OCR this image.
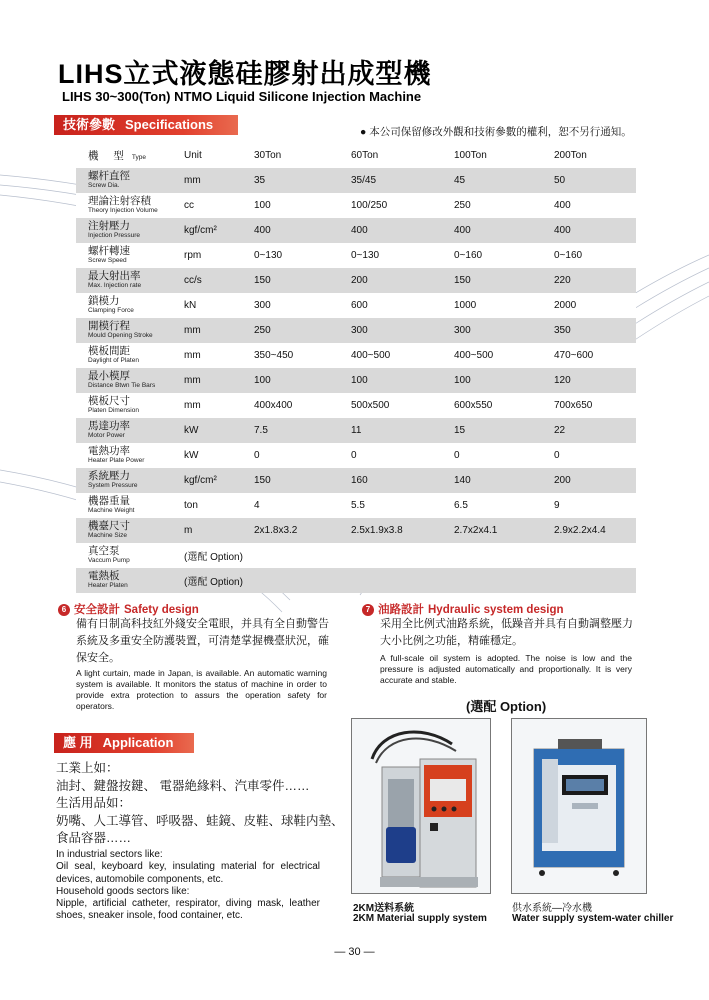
LIHS立式液態硅膠射出成型機
LIHS 30~300(Ton) NTMO Liquid Silicone Injection Machine
技術參數 Specifications	● 本公司保留修改外觀和技術參數的權利，恕不另行通知。
機 型 Type	Unit	30Ton	60Ton	100Ton	200Ton

螺杆直徑
Screw Dia.	mm	35	35/45	45	50

理論注射容積
Theory Injection Volume	cc	100	100/250	250	400

注射壓力
Injection Pressure	kgf/cm²	400	400	400	400

螺杆轉速
Screw Speed	rpm	0~130	0~130	0~160	0~160

最大射出率
Max. Injection rate	cc/s	150	200	150	220

鎖模力
Clamping Force	kN	300	600	1000	2000

開模行程
Mould Opening Stroke	mm	250	300	300	350

模板間距
Daylight of Platen	mm	350~450	400~500	400~500	470~600

最小模厚
Distance Btwn Tie Bars	mm	100	100	100	120

模板尺寸
Platen Dimension	mm	400x400	500x500	600x550	700x650

馬達功率
Motor Power	kW	7.5	11	15	22

電熱功率
Heater Plate Power	kW	0	0	0	0

系統壓力
System Pressure	kgf/cm²	150	160	140	200

機器重量
Machine Weight	ton	4	5.5	6.5	9

機臺尺寸
Machine Size	m	2x1.8x3.2	2.5x1.9x3.8	2.7x2x4.1	2.9x2.2x4.4

真空泵
Vaccum Pump	(選配 Option)				

電熱板
Heater Platen	(選配 Option)				
6 安全設計 Safety design
備有日制高科技紅外綫安全電眼，并具有全自動警告
系統及多重安全防護裝置，可清楚掌握機臺狀況，確
保安全。
A light curtain, made in Japan, is available. An automatic warning system is available. It monitors the status of machine in order to provide extra protection to assurs the operation safety for operators.
7 油路設計 Hydraulic system design
采用全比例式油路系統，低躁音并具有自動調整壓力
大小比例之功能，精確穩定。
A full-scale oil system is adopted. The noise is low and the pressure is adjusted automatically and proportionally. It is very accurate and stable.
應 用 Application
工業上如：
油封、鍵盤按鍵、 電器絶緣料、汽車零件……
生活用品如：
奶嘴、人工導管、呼吸器、蛙鏡、皮鞋、球鞋内墊、
食品容器……
In industrial sectors like:
Oil seal, keyboard key, insulating material for electrical devices, automobile components, etc.
Household goods sectors like:
Nipple, artificial catheter, respirator, diving mask, leather shoes, sneaker insole, food container, etc.
(選配 Option)
2KM送料系統
2KM Material supply system
供水系統—冷水機
Water supply system-water chiller
— 30 —
